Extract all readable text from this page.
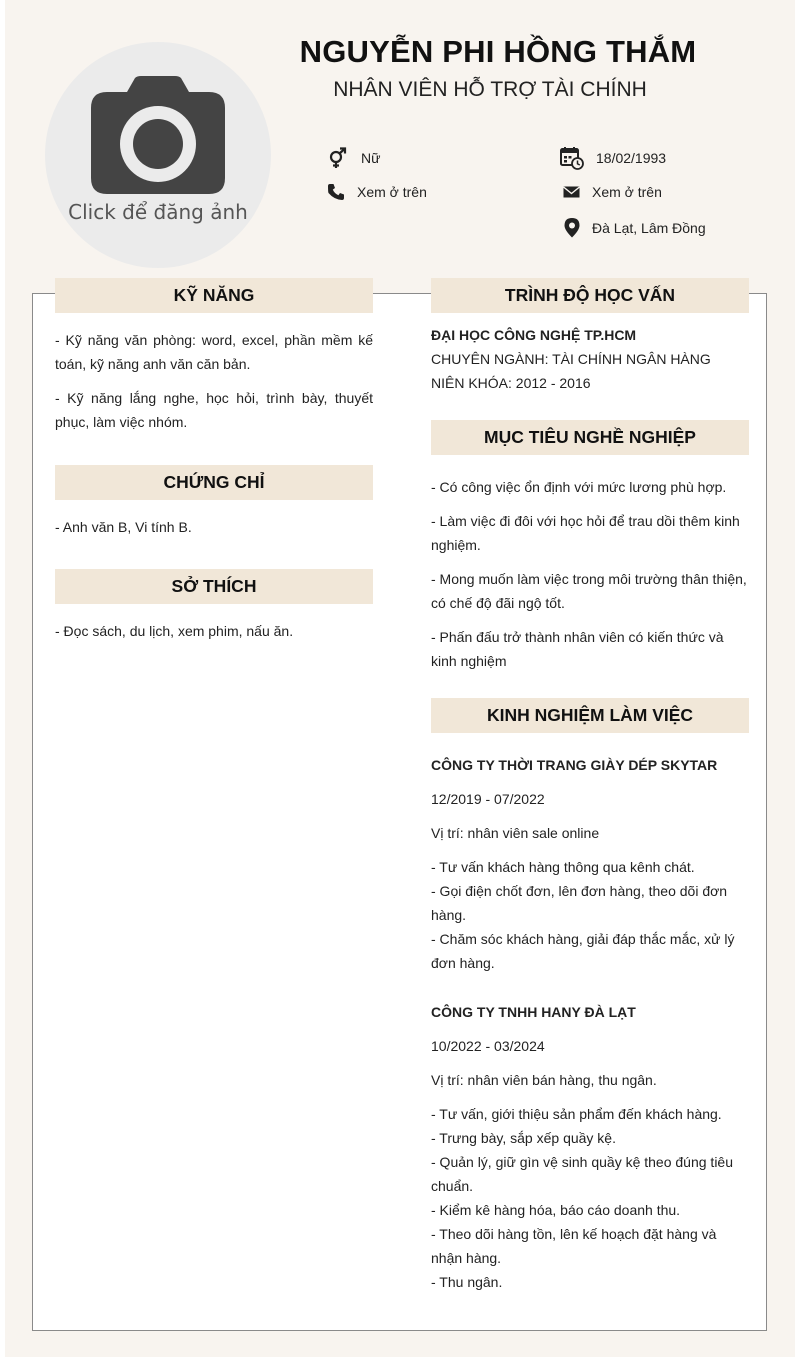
Click để đăng ảnh
NGUYỄN PHI HỒNG THẮM
NHÂN VIÊN HỖ TRỢ TÀI CHÍNH
Nữ	18/02/1993
Xem ở trên	Xem ở trên
Đà Lạt, Lâm Đồng
KỸ NĂNG
- Kỹ năng văn phòng: word, excel, phần mềm kế toán, kỹ năng anh văn căn bản.
- Kỹ năng lắng nghe, học hỏi, trình bày, thuyết phục, làm việc nhóm.
CHỨNG CHỈ
- Anh văn B, Vi tính B.
SỞ THÍCH
- Đọc sách, du lịch, xem phim, nấu ăn.
TRÌNH ĐỘ HỌC VẤN
ĐẠI HỌC CÔNG NGHỆ TP.HCM
CHUYÊN NGÀNH: TÀI CHÍNH NGÂN HÀNG
NIÊN KHÓA: 2012 - 2016
MỤC TIÊU NGHỀ NGHIỆP
- Có công việc ổn định với mức lương phù hợp.
- Làm việc đi đôi với học hỏi để trau dồi thêm kinh nghiệm.
- Mong muốn làm việc trong môi trường thân thiện, có chế độ đãi ngộ tốt.
- Phấn đấu trở thành nhân viên có kiến thức và kinh nghiệm
KINH NGHIỆM LÀM VIỆC
CÔNG TY THỜI TRANG GIÀY DÉP SKYTAR
12/2019 - 07/2022
Vị trí: nhân viên sale online
- Tư vấn khách hàng thông qua kênh chát.
- Gọi điện chốt đơn, lên đơn hàng, theo dõi đơn hàng.
- Chăm sóc khách hàng, giải đáp thắc mắc, xử lý đơn hàng.
CÔNG TY TNHH HANY ĐÀ LẠT
10/2022 - 03/2024
Vị trí: nhân viên bán hàng, thu ngân.
- Tư vấn, giới thiệu sản phẩm đến khách hàng.
- Trưng bày, sắp xếp quầy kệ.
- Quản lý, giữ gìn vệ sinh quầy kệ theo đúng tiêu chuẩn.
- Kiểm kê hàng hóa, báo cáo doanh thu.
- Theo dõi hàng tồn, lên kế hoạch đặt hàng và nhận hàng.
- Thu ngân.
